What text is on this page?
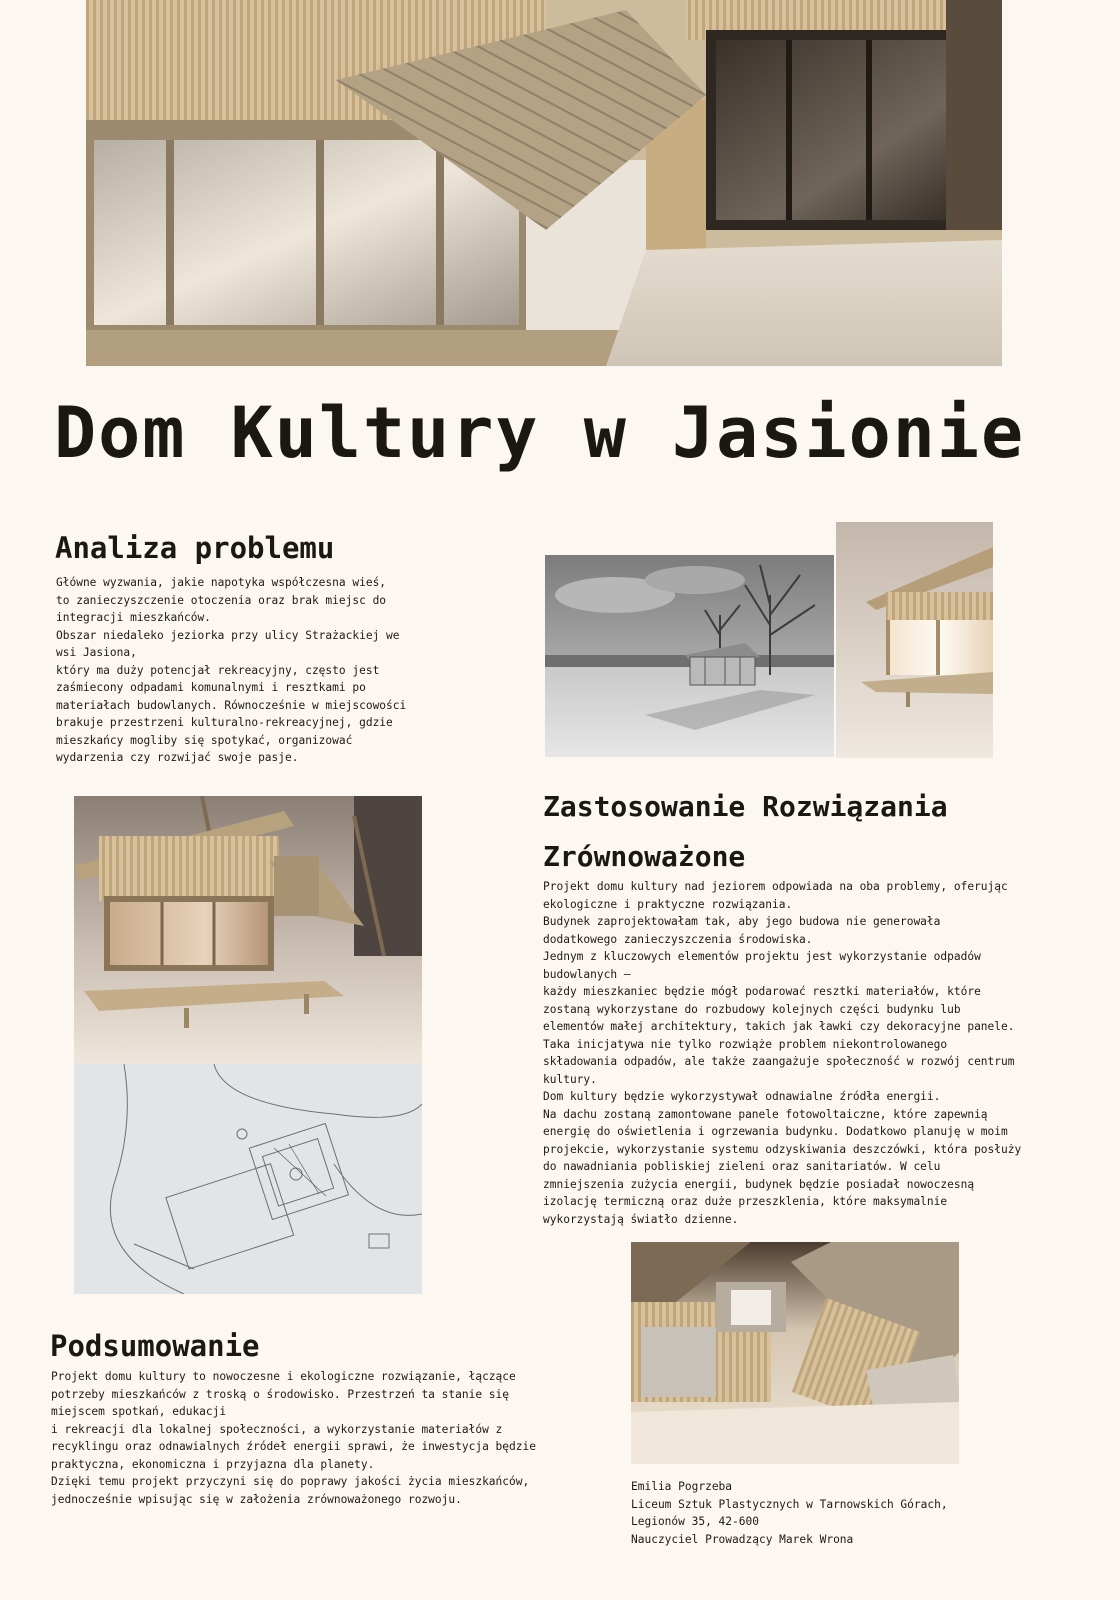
Dom Kultury w Jasionie
Analiza problemu
Główne wyzwania, jakie napotyka współczesna wieś,
to zanieczyszczenie otoczenia oraz brak miejsc do
integracji mieszkańców.
Obszar niedaleko jeziorka przy ulicy Strażackiej we
wsi Jasiona,
który ma duży potencjał rekreacyjny, często jest
zaśmiecony odpadami komunalnymi i resztkami po
materiałach budowlanych. Równocześnie w miejscowości
brakuje przestrzeni kulturalno-rekreacyjnej, gdzie
mieszkańcy mogliby się spotykać, organizować
wydarzenia czy rozwijać swoje pasje.
Zastosowanie Rozwiązania
Zrównoważone
Projekt domu kultury nad jeziorem odpowiada na oba problemy, oferując
ekologiczne i praktyczne rozwiązania.
Budynek zaprojektowałam tak, aby jego budowa nie generowała
dodatkowego zanieczyszczenia środowiska.
Jednym z kluczowych elementów projektu jest wykorzystanie odpadów
budowlanych –
każdy mieszkaniec będzie mógł podarować resztki materiałów, które
zostaną wykorzystane do rozbudowy kolejnych części budynku lub
elementów małej architektury, takich jak ławki czy dekoracyjne panele.
Taka inicjatywa nie tylko rozwiąże problem niekontrolowanego
składowania odpadów, ale także zaangażuje społeczność w rozwój centrum
kultury.
Dom kultury będzie wykorzystywał odnawialne źródła energii.
Na dachu zostaną zamontowane panele fotowoltaiczne, które zapewnią
energię do oświetlenia i ogrzewania budynku. Dodatkowo planuję w moim
projekcie, wykorzystanie systemu odzyskiwania deszczówki, która posłuży
do nawadniania pobliskiej zieleni oraz sanitariatów. W celu
zmniejszenia zużycia energii, budynek będzie posiadał nowoczesną
izolację termiczną oraz duże przeszklenia, które maksymalnie
wykorzystają światło dzienne.
Podsumowanie
Projekt domu kultury to nowoczesne i ekologiczne rozwiązanie, łączące
potrzeby mieszkańców z troską o środowisko. Przestrzeń ta stanie się
miejscem spotkań, edukacji
i rekreacji dla lokalnej społeczności, a wykorzystanie materiałów z
recyklingu oraz odnawialnych źródeł energii sprawi, że inwestycja będzie
praktyczna, ekonomiczna i przyjazna dla planety.
Dzięki temu projekt przyczyni się do poprawy jakości życia mieszkańców,
jednocześnie wpisując się w założenia zrównoważonego rozwoju.
Emilia Pogrzeba
Liceum Sztuk Plastycznych w Tarnowskich Górach,
Legionów 35, 42-600
Nauczyciel Prowadzący Marek Wrona
